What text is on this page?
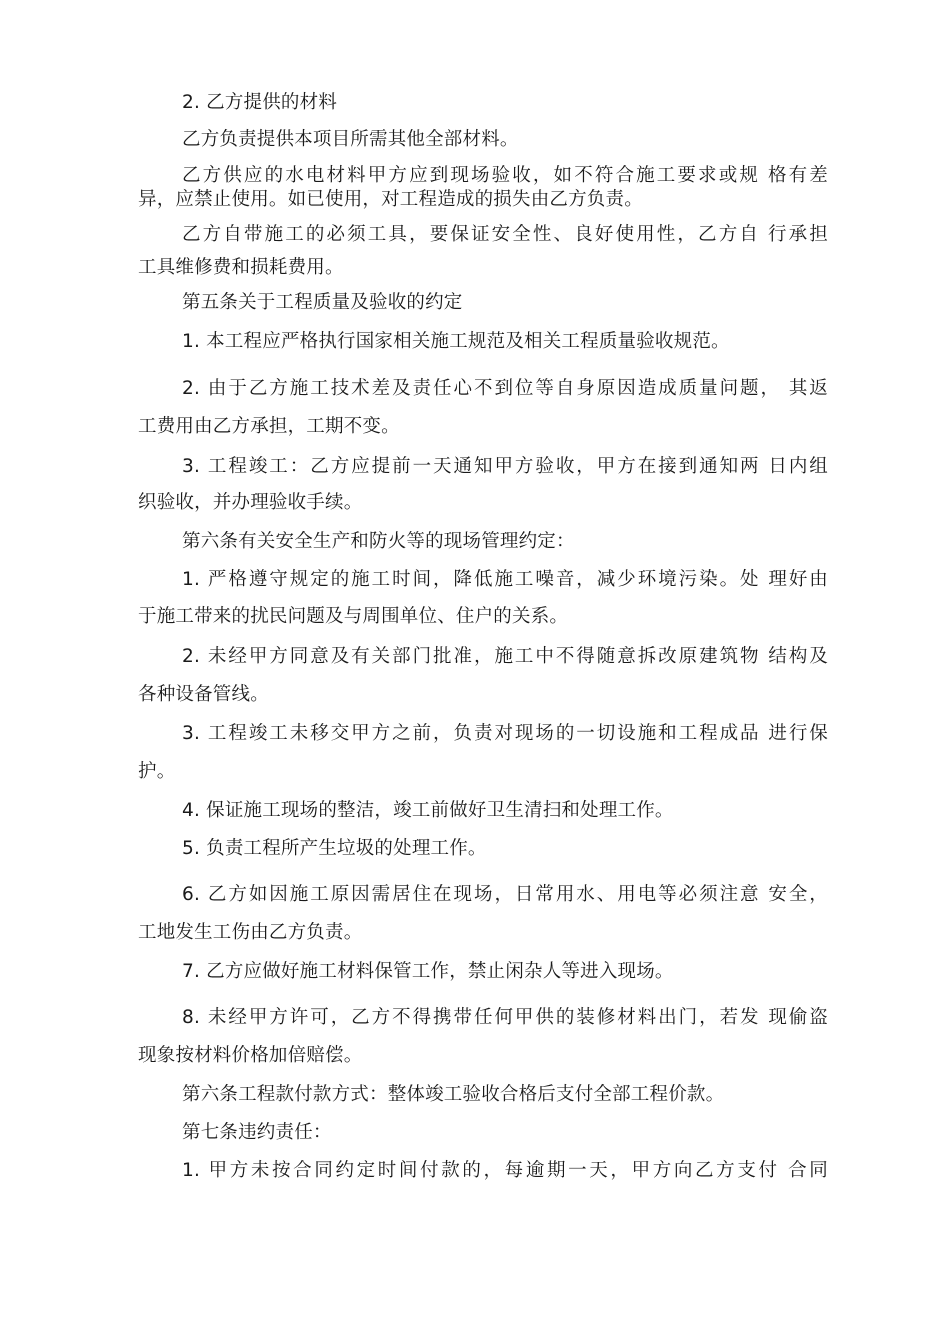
2. 乙方提供的材料
乙方负责提供本项目所需其他全部材料。
乙方供应的水电材料甲方应到现场验收，如不符合施工要求或规 格有差
异，应禁止使用。如已使用，对工程造成的损失由乙方负责。
乙方自带施工的必须工具，要保证安全性、良好使用性，乙方自 行承担
工具维修费和损耗费用。
第五条关于工程质量及验收的约定
1. 本工程应严格执行国家相关施工规范及相关工程质量验收规范。
2. 由于乙方施工技术差及责任心不到位等自身原因造成质量问题， 其返
工费用由乙方承担，工期不变。
3. 工程竣工：乙方应提前一天通知甲方验收，甲方在接到通知两 日内组
织验收，并办理验收手续。
第六条有关安全生产和防火等的现场管理约定：
1. 严格遵守规定的施工时间，降低施工噪音，减少环境污染。处 理好由
于施工带来的扰民问题及与周围单位、住户的关系。
2. 未经甲方同意及有关部门批准，施工中不得随意拆改原建筑物 结构及
各种设备管线。
3. 工程竣工未移交甲方之前，负责对现场的一切设施和工程成品 进行保
护。
4. 保证施工现场的整洁，竣工前做好卫生清扫和处理工作。
5. 负责工程所产生垃圾的处理工作。
6. 乙方如因施工原因需居住在现场，日常用水、用电等必须注意 安全，
工地发生工伤由乙方负责。
7. 乙方应做好施工材料保管工作，禁止闲杂人等进入现场。
8. 未经甲方许可，乙方不得携带任何甲供的装修材料出门，若发 现偷盗
现象按材料价格加倍赔偿。
第六条工程款付款方式：整体竣工验收合格后支付全部工程价款。
第七条违约责任：
1. 甲方未按合同约定时间付款的，每逾期一天，甲方向乙方支付 合同
